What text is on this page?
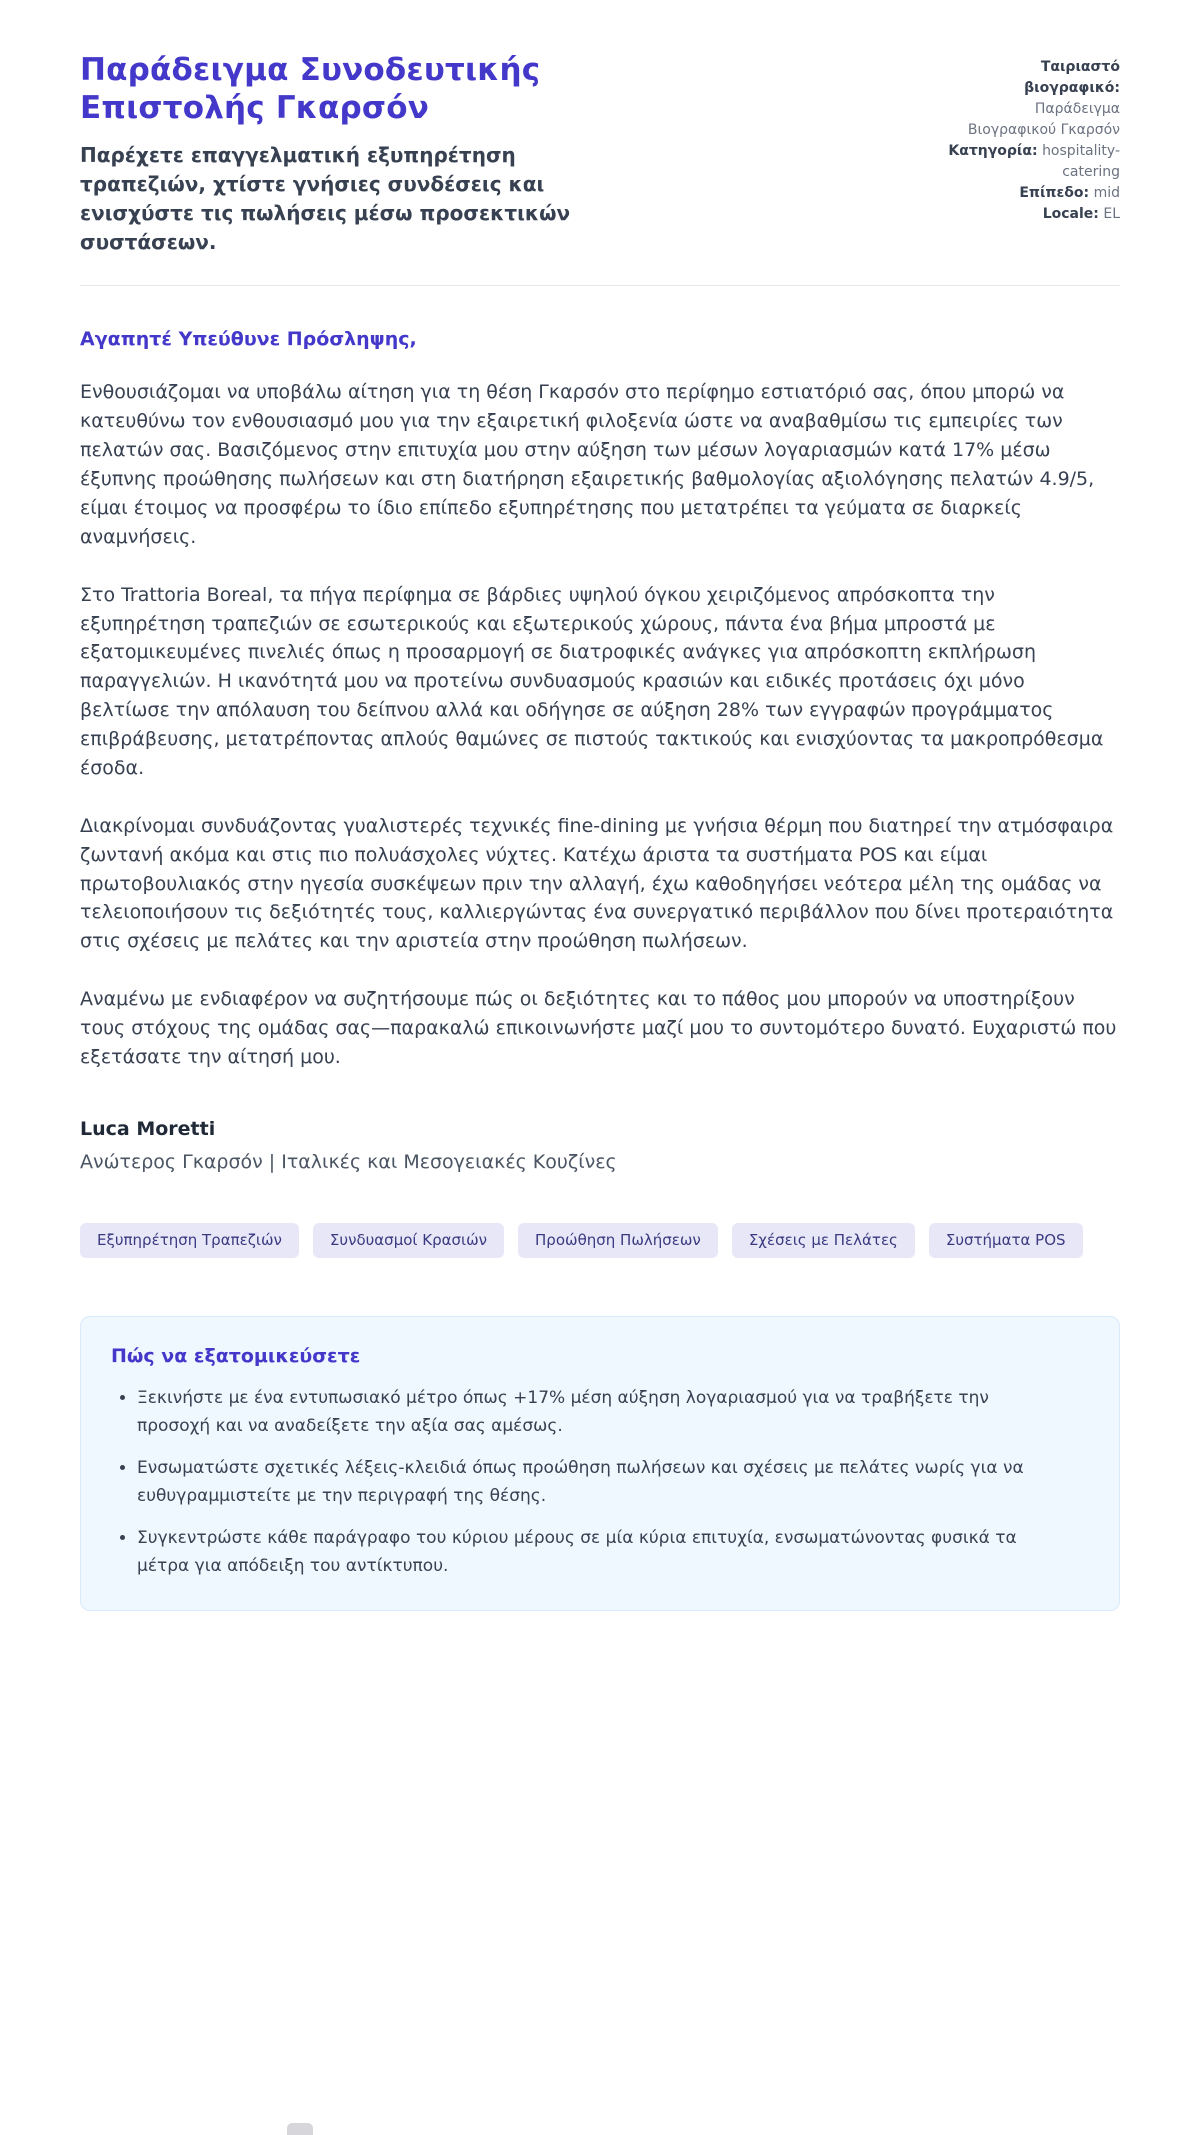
Παράδειγμα Συνοδευτικής Επιστολής Γκαρσόν

Παρέχετε επαγγελματική εξυπηρέτηση τραπεζιών, χτίστε γνήσιες συνδέσεις και ενισχύστε τις πωλήσεις μέσω προσεκτικών συστάσεων.

Ταιριαστό βιογραφικό: Παράδειγμα Βιογραφικού Γκαρσόν
Κατηγορία: hospitality-catering
Επίπεδο: mid
Locale: EL

Αγαπητέ Υπεύθυνε Πρόσληψης,

Ενθουσιάζομαι να υποβάλω αίτηση για τη θέση Γκαρσόν στο περίφημο εστιατόριό σας, όπου μπορώ να κατευθύνω τον ενθουσιασμό μου για την εξαιρετική φιλοξενία ώστε να αναβαθμίσω τις εμπειρίες των πελατών σας. Βασιζόμενος στην επιτυχία μου στην αύξηση των μέσων λογαριασμών κατά 17% μέσω έξυπνης προώθησης πωλήσεων και στη διατήρηση εξαιρετικής βαθμολογίας αξιολόγησης πελατών 4.9/5, είμαι έτοιμος να προσφέρω το ίδιο επίπεδο εξυπηρέτησης που μετατρέπει τα γεύματα σε διαρκείς αναμνήσεις.

Στο Trattoria Boreal, τα πήγα περίφημα σε βάρδιες υψηλού όγκου χειριζόμενος απρόσκοπτα την εξυπηρέτηση τραπεζιών σε εσωτερικούς και εξωτερικούς χώρους, πάντα ένα βήμα μπροστά με εξατομικευμένες πινελιές όπως η προσαρμογή σε διατροφικές ανάγκες για απρόσκοπτη εκπλήρωση παραγγελιών. Η ικανότητά μου να προτείνω συνδυασμούς κρασιών και ειδικές προτάσεις όχι μόνο βελτίωσε την απόλαυση του δείπνου αλλά και οδήγησε σε αύξηση 28% των εγγραφών προγράμματος επιβράβευσης, μετατρέποντας απλούς θαμώνες σε πιστούς τακτικούς και ενισχύοντας τα μακροπρόθεσμα έσοδα.

Διακρίνομαι συνδυάζοντας γυαλιστερές τεχνικές fine-dining με γνήσια θέρμη που διατηρεί την ατμόσφαιρα ζωντανή ακόμα και στις πιο πολυάσχολες νύχτες. Κατέχω άριστα τα συστήματα POS και είμαι πρωτοβουλιακός στην ηγεσία συσκέψεων πριν την αλλαγή, έχω καθοδηγήσει νεότερα μέλη της ομάδας να τελειοποιήσουν τις δεξιότητές τους, καλλιεργώντας ένα συνεργατικό περιβάλλον που δίνει προτεραιότητα στις σχέσεις με πελάτες και την αριστεία στην προώθηση πωλήσεων.

Αναμένω με ενδιαφέρον να συζητήσουμε πώς οι δεξιότητες και το πάθος μου μπορούν να υποστηρίξουν τους στόχους της ομάδας σας—παρακαλώ επικοινωνήστε μαζί μου το συντομότερο δυνατό. Ευχαριστώ που εξετάσατε την αίτησή μου.

Luca Moretti

Ανώτερος Γκαρσόν | Ιταλικές και Μεσογειακές Κουζίνες

Εξυπηρέτηση Τραπεζιών	Συνδυασμοί Κρασιών	Προώθηση Πωλήσεων	Σχέσεις με Πελάτες	Συστήματα POS
Πώς να εξατομικεύσετε
• Ξεκινήστε με ένα εντυπωσιακό μέτρο όπως +17% μέση αύξηση λογαριασμού για να τραβήξετε την προσοχή και να αναδείξετε την αξία σας αμέσως.
• Ενσωματώστε σχετικές λέξεις-κλειδιά όπως προώθηση πωλήσεων και σχέσεις με πελάτες νωρίς για να ευθυγραμμιστείτε με την περιγραφή της θέσης.
• Συγκεντρώστε κάθε παράγραφο του κύριου μέρους σε μία κύρια επιτυχία, ενσωματώνοντας φυσικά τα μέτρα για απόδειξη του αντίκτυπου.
